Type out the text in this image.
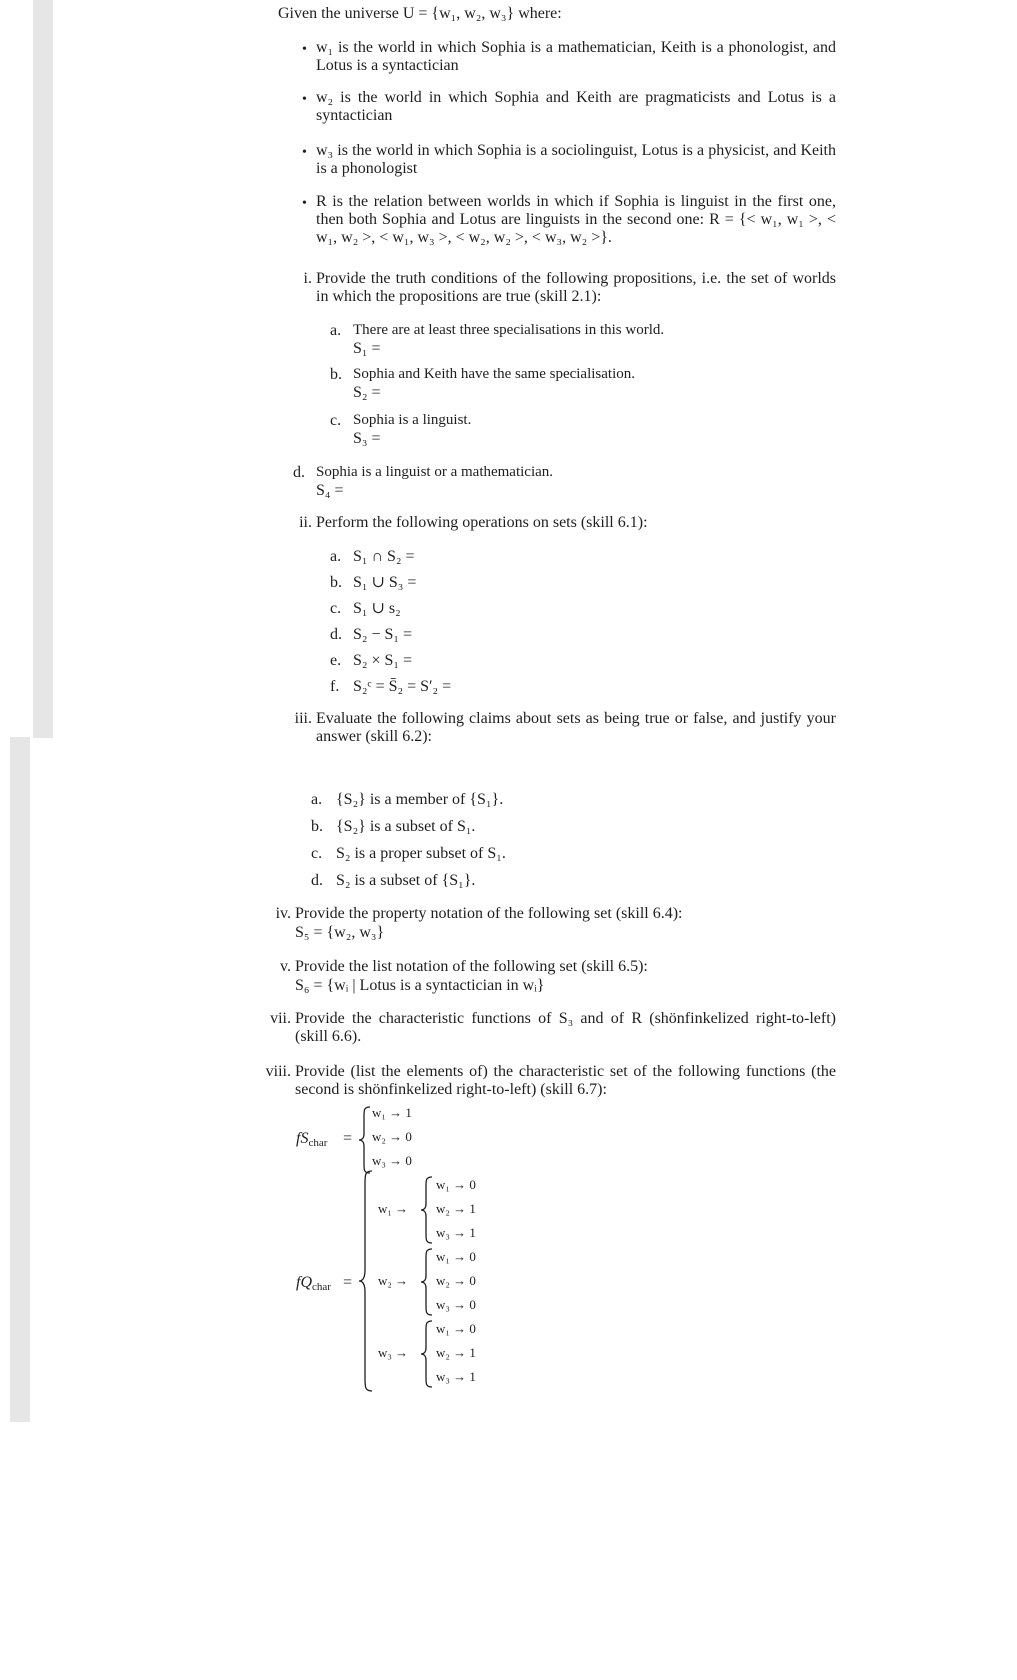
Given the universe U = {w₁, w₂, w₃} where:
• w₁ is the world in which Sophia is a mathematician, Keith is a phonologist, and Lotus is a syntactician
• w₂ is the world in which Sophia and Keith are pragmaticists and Lotus is a syntactician
• w₃ is the world in which Sophia is a sociolinguist, Lotus is a physicist, and Keith is a phonologist
• R is the relation between worlds in which if Sophia is linguist in the first one, then both Sophia and Lotus are linguists in the second one: R = {< w₁, w₁ >, < w₁, w₂ >, < w₁, w₃ >, < w₂, w₂ >, < w₃, w₂ >}.
i. Provide the truth conditions of the following propositions, i.e. the set of worlds in which the propositions are true (skill 2.1):
a. There are at least three specialisations in this world.
S₁ =
b. Sophia and Keith have the same specialisation.
S₂ =
c. Sophia is a linguist.
S₃ =
d. Sophia is a linguist or a mathematician.
S₄ =
ii. Perform the following operations on sets (skill 6.1):
a. S₁ ∩ S₂ =
b. S₁ ∪ S₃ =
c. S₁ ∪ s₂
d. S₂ − S₁ =
e. S₂ × S₁ =
f. S₂ᶜ = S̄₂ = S′₂ =
iii. Evaluate the following claims about sets as being true or false, and justify your answer (skill 6.2):
a. {S₂} is a member of {S₁}.
b. {S₂} is a subset of S₁.
c. S₂ is a proper subset of S₁.
d. S₂ is a subset of {S₁}.
iv. Provide the property notation of the following set (skill 6.4):
S₅ = {w₂, w₃}
v. Provide the list notation of the following set (skill 6.5):
S₆ = {wᵢ | Lotus is a syntactician in wᵢ}
vii. Provide the characteristic functions of S₃ and of R (shönfinkelized right-to-left) (skill 6.6).
viii. Provide (list the elements of) the characteristic set of the following functions (the second is shönfinkelized right-to-left) (skill 6.7):
$fS_{char}$ =
w₁ → 1
w₂ → 0
w₃ → 0
$fQ_{char}$ =
w₁ →
w₁ → 0
w₂ → 1
w₃ → 1
w₂ →
w₁ → 0
w₂ → 0
w₃ → 0
w₃ →
w₁ → 0
w₂ → 1
w₃ → 1
